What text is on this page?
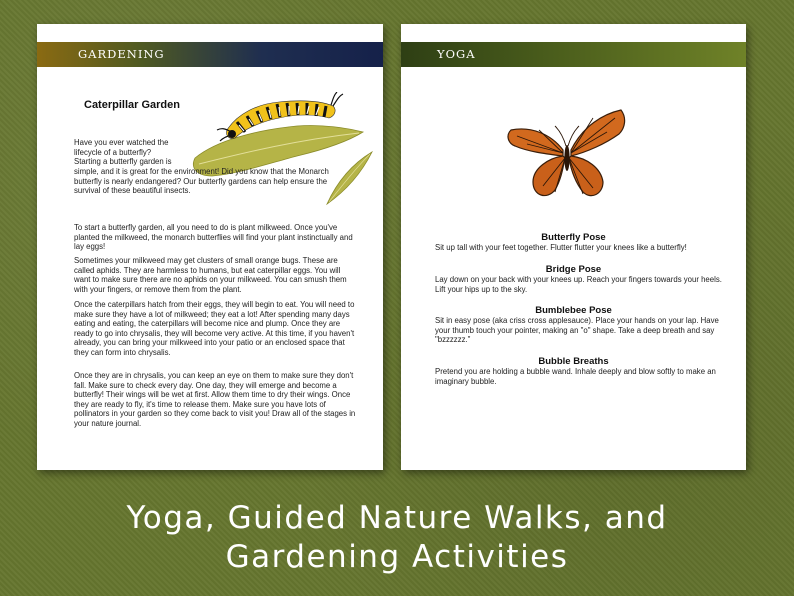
GARDENING
Caterpillar Garden

Have you ever watched the lifecycle of a butterfly? Starting a butterfly garden is

simple, and it is great for the environment! Did you know that the Monarch butterfly is nearly endangered? Our butterfly gardens can help ensure the survival of these beautiful insects.

To start a butterfly garden, all you need to do is plant milkweed. Once you've planted the milkweed, the monarch butterflies will find your plant instinctually and lay eggs!

Sometimes your milkweed may get clusters of small orange bugs. These are called aphids. They are harmless to humans, but eat caterpillar eggs. You will want to make sure there are no aphids on your milkweed. You can smush them with your fingers, or remove them from the plant.

Once the caterpillars hatch from their eggs, they will begin to eat. You will need to make sure they have a lot of milkweed; they eat a lot! After spending many days eating and eating, the caterpillars will become nice and plump. Once they are ready to go into chrysalis, they will become very active. At this time, if you haven't already, you can bring your milkweed into your patio or an enclosed space that they can form into chrysalis.

Once they are in chrysalis, you can keep an eye on them to make sure they don't fall. Make sure to check every day. One day, they will emerge and become a butterfly! Their wings will be wet at first. Allow them time to dry their wings. Once they are ready to fly, it's time to release them. Make sure you have lots of pollinators in your garden so they come back to visit you! Draw all of the stages in your nature journal.

YOGA
Butterfly Pose

Sit up tall with your feet together. Flutter flutter your knees like a butterfly!

Bridge Pose

Lay down on your back with your knees up. Reach your fingers towards your heels. Lift your hips up to the sky.

Bumblebee Pose

Sit in easy pose (aka criss cross applesauce). Place your hands on your lap. Have your thumb touch your pointer, making an "o" shape. Take a deep breath and say "bzzzzzz."

Bubble Breaths

Pretend you are holding a bubble wand. Inhale deeply and blow softly to make an imaginary bubble.

Yoga, Guided Nature Walks, and
Gardening Activities
